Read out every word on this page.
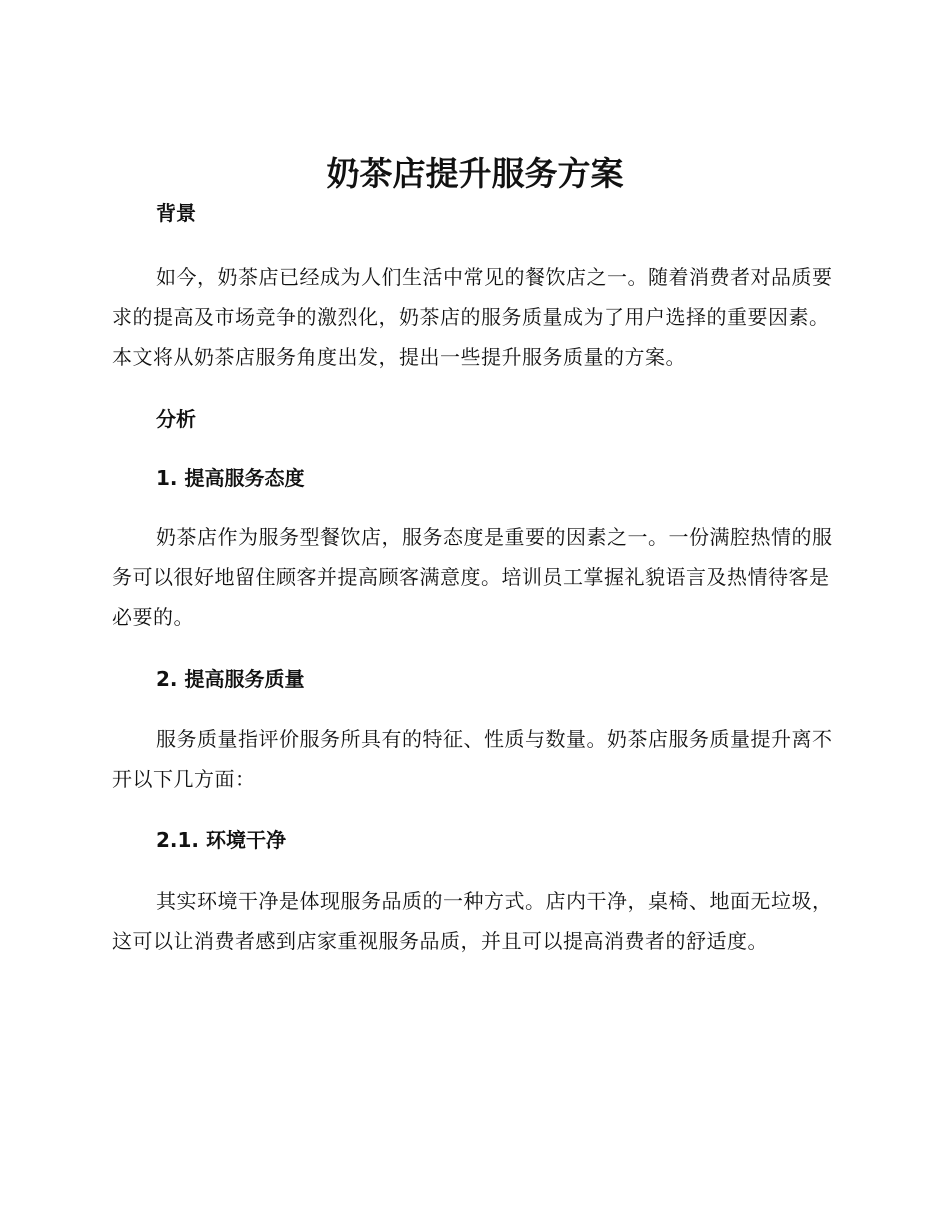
奶茶店提升服务方案

背景

如今，奶茶店已经成为人们生活中常见的餐饮店之一。随着消费者对品质要求的提高及市场竞争的激烈化，奶茶店的服务质量成为了用户选择的重要因素。本文将从奶茶店服务角度出发，提出一些提升服务质量的方案。

分析

1. 提高服务态度

奶茶店作为服务型餐饮店，服务态度是重要的因素之一。一份满腔热情的服务可以很好地留住顾客并提高顾客满意度。培训员工掌握礼貌语言及热情待客是必要的。

2. 提高服务质量

服务质量指评价服务所具有的特征、性质与数量。奶茶店服务质量提升离不开以下几方面：

2.1. 环境干净

其实环境干净是体现服务品质的一种方式。店内干净，桌椅、地面无垃圾，这可以让消费者感到店家重视服务品质，并且可以提高消费者的舒适度。
